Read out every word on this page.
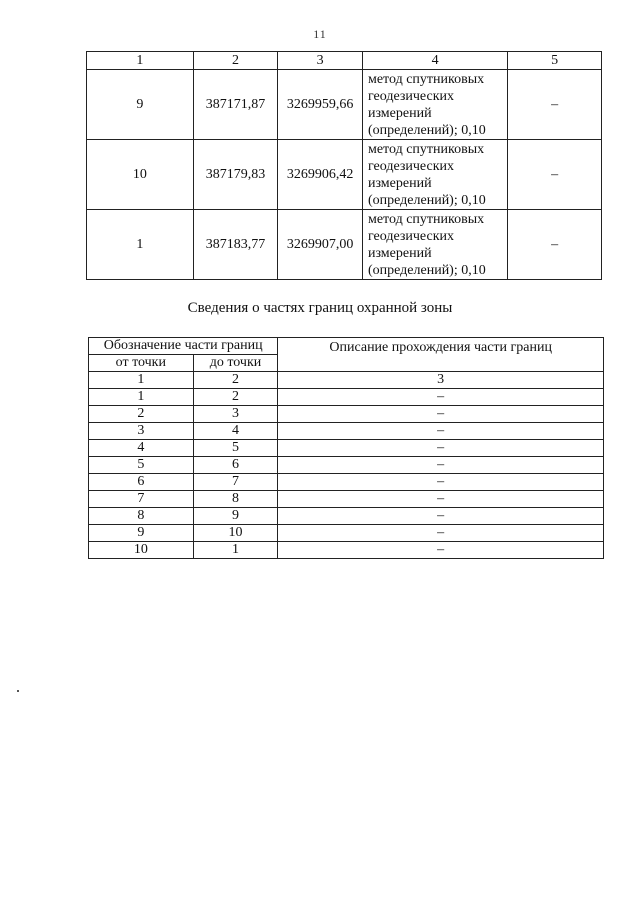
11
1	2	3	4	5
9	387171,87	3269959,66	метод спутниковых
геодезических
измерений
(определений); 0,10	–
10	387179,83	3269906,42	метод спутниковых
геодезических
измерений
(определений); 0,10	–
1	387183,77	3269907,00	метод спутниковых
геодезических
измерений
(определений); 0,10	–
Сведения о частях границ охранной зоны
Обозначение части границ		Описание прохождения части границ
от точки	до точки	
1	2	3
1	2	–
2	3	–
3	4	–
4	5	–
5	6	–
6	7	–
7	8	–
8	9	–
9	10	–
10	1	–
